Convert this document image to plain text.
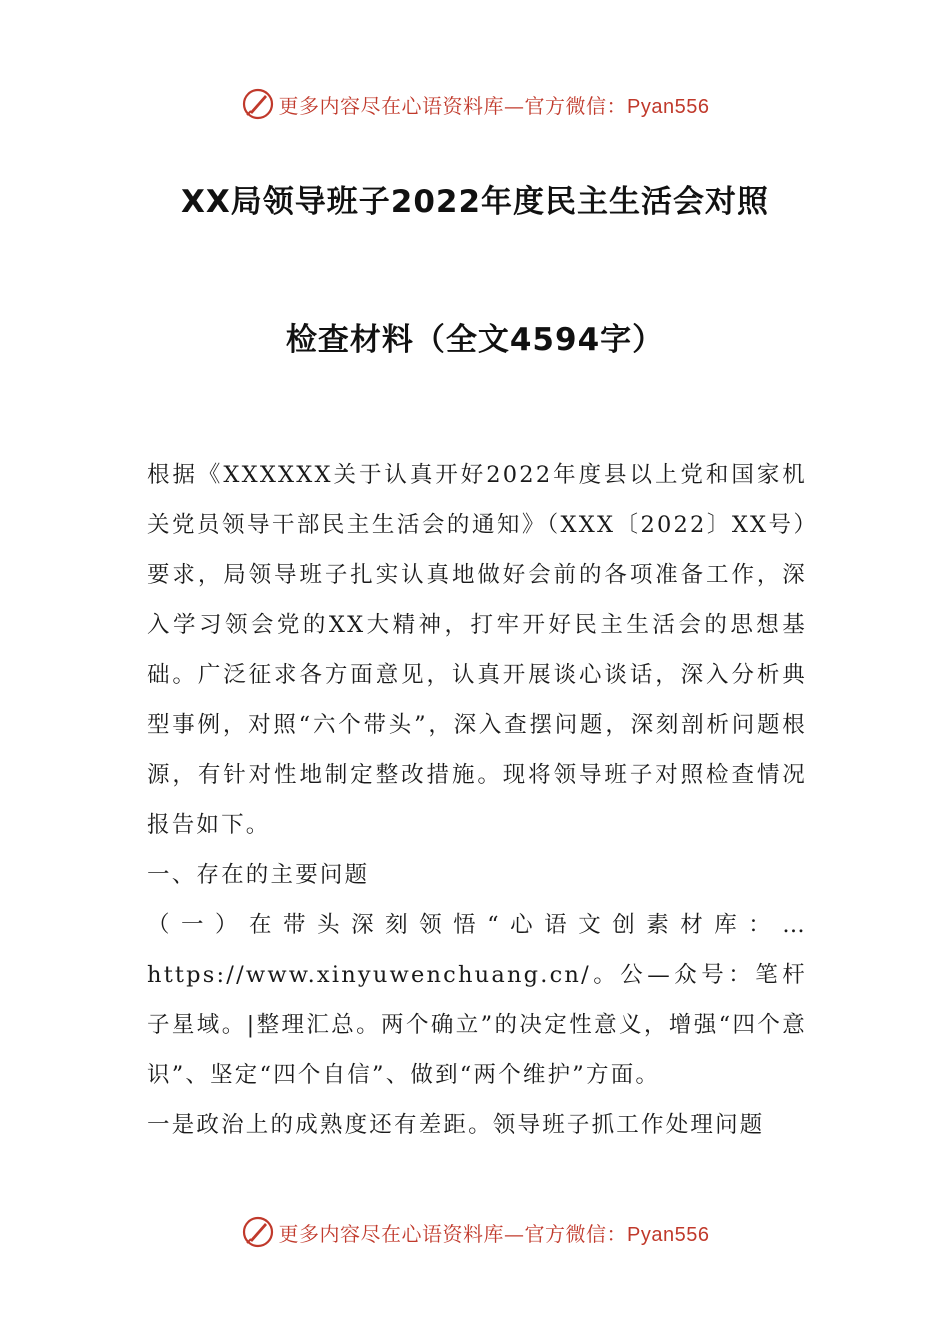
更多内容尽在心语资料库—官方微信：Pyan556
XX局领导班子2022年度民主生活会对照
检查材料（全文4594字）

根据《XXXXXX关于认真开好2022年度县以上党和国家机关党员领导干部民主生活会的通知》（XXX〔2022〕XX号）要求，局领导班子扎实认真地做好会前的各项准备工作，深入学习领会党的XX大精神，打牢开好民主生活会的思想基础。广泛征求各方面意见，认真开展谈心谈话，深入分析典型事例，对照“六个带头”，深入查摆问题，深刻剖析问题根源，有针对性地制定整改措施。现将领导班子对照检查情况报告如下。

一、存在的主要问题

（一）在带头深刻领悟“心语文创素材库：…https://www.xinyuwenchuang.cn/。公—众号：笔杆子星域。|整理汇总。两个确立”的决定性意义，增强“四个意识”、坚定“四个自信”、做到“两个维护”方面。

一是政治上的成熟度还有差距。领导班子抓工作处理问题

更多内容尽在心语资料库—官方微信：Pyan556
